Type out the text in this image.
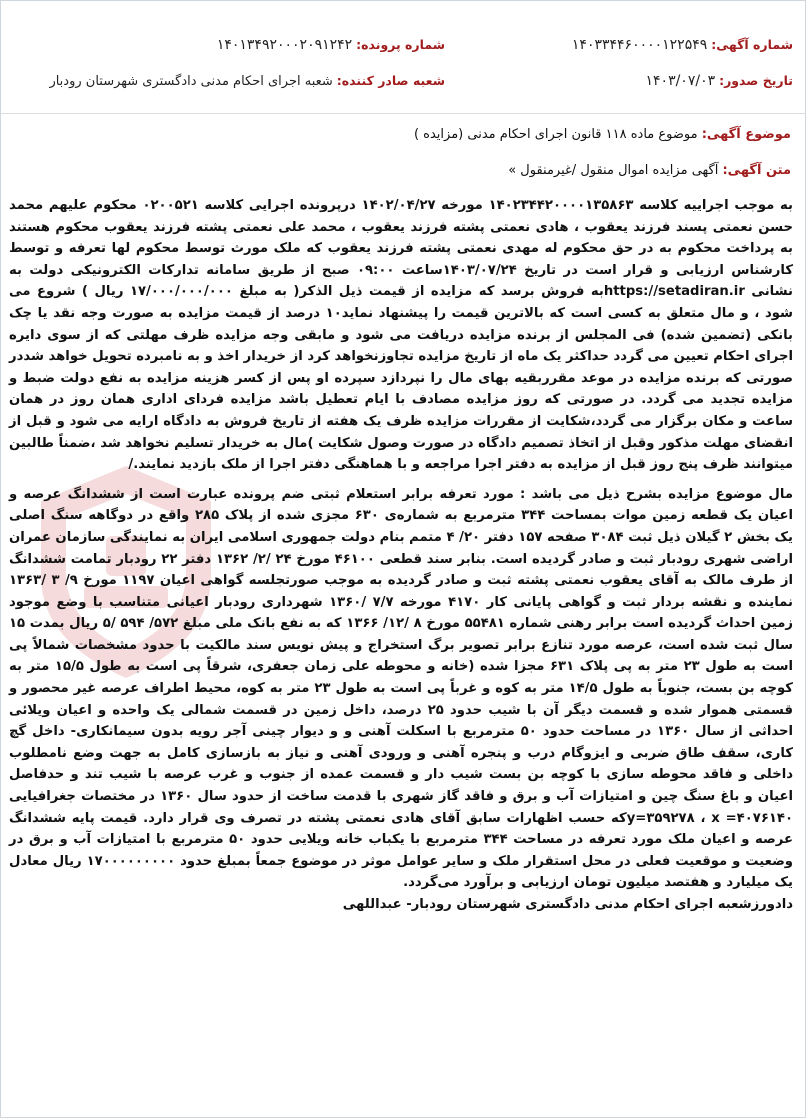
شماره آگهی: ۱۴۰۳۳۴۴۶۰۰۰۰۱۲۲۵۴۹
شماره پرونده: ۱۴۰۱۳۴۹۲۰۰۰۲۰۹۱۲۴۲
تاریخ صدور: ۱۴۰۳/۰۷/۰۳
شعبه صادر کننده: شعبه اجرای احکام مدنی دادگستری شهرستان رودبار
موضوع آگهی: موضوع ماده ۱۱۸ قانون اجرای احکام مدنی (مزایده )
متن آگهی: آگهی مزایده اموال منقول /غیرمنقول »

به موجب اجراییه کلاسه ۱۴۰۲۳۴۴۲۰۰۰۰۱۳۵۸۶۳ مورخه ۱۴۰۲/۰۴/۲۷ درپرونده اجرایی کلاسه ۰۲۰۰۵۲۱ محکوم علیهم محمد حسن نعمتی پسند فرزند یعقوب ، هادی نعمتی پشته فرزند یعقوب ، محمد علی نعمتی پشته فرزند یعقوب محکوم هستند به پرداخت محکوم به در حق محکوم له مهدی نعمتی پشته فرزند یعقوب که ملک مورث توسط محکوم لها تعرفه و توسط کارشناس ارزیابی و قرار است در تاریخ ۱۴۰۳/۰۷/۲۴ساعت ۰۹:۰۰ صبح از طریق سامانه تدارکات الکترونیکی دولت به نشانی https://setadiran.irبه فروش برسد که مزایده از قیمت ذیل الذکر( به مبلغ ۱۷/۰۰۰/۰۰۰/۰۰۰ ریال ) شروع می شود ، و مال متعلق به کسی است که بالاترین قیمت را پیشنهاد نماید۱۰ درصد از قیمت مزایده به صورت وجه نقد یا چک بانکی (تضمین شده) فی المجلس از برنده مزایده دریافت می شود و مابقی وجه مزایده ظرف مهلتی که از سوی دایره اجرای احکام تعیین می گردد حداکثر یک ماه از تاریخ مزایده تجاوزنخواهد کرد از خریدار اخذ و به نامبرده تحویل خواهد شددر صورتی که برنده مزایده در موعد مقرربقیه بهای مال را نپردازد سپرده او پس از کسر هزینه مزایده به نفع دولت ضبط و مزایده تجدید می گردد. در صورتی که روز مزایده مصادف با ایام تعطیل باشد مزایده فردای اداری همان روز در همان ساعت و مکان برگزار می گردد،شکایت از مقررات مزایده ظرف یک هفته از تاریخ فروش به دادگاه ارایه می شود و قبل از انقضای مهلت مذکور وقبل از اتخاذ تصمیم دادگاه در صورت وصول شکایت )مال به خریدار تسلیم نخواهد شد ،ضمناً طالبین میتوانند ظرف پنج روز قبل از مزایده به دفتر اجرا مراجعه و با هماهنگی دفتر اجرا از ملک بازدید نمایند./

مال موضوع مزایده بشرح ذیل می باشد : مورد تعرفه برابر استعلام ثبتی ضم پرونده عبارت است از ششدانگ عرصه و اعیان یک قطعه زمین موات بمساحت ۳۴۴ مترمربع به شماره‌ی ۶۳۰ مجزی شده از پلاک ۲۸۵ واقع در دوگاهه سنگ اصلی یک بخش ۲ گیلان ذیل ثبت ۳۰۸۴ صفحه ۱۵۷ دفتر ۲۰/ ۴ متمم بنام دولت جمهوری اسلامی ایران به نمایندگی سازمان عمران اراضی شهری رودبار ثبت و صادر گردیده است. بنابر سند قطعی ۴۶۱۰۰ مورخ ۲۴ /۲/ ۱۳۶۲ دفتر ۲۲ رودبار تمامت ششدانگ از طرف مالک به آقای یعقوب نعمتی پشته ثبت و صادر گردیده به موجب صورتجلسه گواهی اعیان ۱۱۹۷ مورخ ۹/ ۳ /۱۳۶۳ نماینده و نقشه بردار ثبت و گواهی پایانی کار ۴۱۷۰ مورخه ۷/۷ /۱۳۶۰ شهرداری رودبار اعیانی متناسب با وضع موجود زمین احداث گردیده است برابر رهنی شماره ۵۵۴۸۱ مورخ ۸ /۱۲/ ۱۳۶۶ که به نفع بانک ملی مبلغ ۵۷۲/ ۵۹۴ /۵ ریال بمدت ۱۵ سال ثبت شده است، عرصه مورد تنازع برابر تصویر برگ استخراج و پیش نویس سند مالکیت با حدود مشخصات شمالاً پی است به طول ۲۳ متر به پی پلاک ۶۳۱ مجزا شده (خانه و محوطه علی زمان جعفری، شرقاً پی است به طول ۱۵/۵ متر به کوچه بن بست، جنوباً به طول ۱۴/۵ متر به کوه و غرباً پی است به طول ۲۳ متر به کوه، محیط اطراف عرصه غیر محصور و قسمتی هموار شده و قسمت دیگر آن با شیب حدود ۲۵ درصد، داخل زمین در قسمت شمالی یک واحده و اعیان ویلائی احداثی از سال ۱۳۶۰ در مساحت حدود ۵۰ مترمربع با اسکلت آهنی و و دیوار چینی آجر رویه بدون سیمانکاری- داخل گچ کاری، سقف طاق ضربی و ایزوگام درب و پنجره آهنی و ورودی آهنی و نیاز به بازسازی کامل به جهت وضع نامطلوب داخلی و فاقد محوطه سازی با کوچه بن بست شیب دار و قسمت عمده از جنوب و غرب عرصه با شیب تند و حدفاصل اعیان و باغ سنگ چین و امتیازات آب و برق و فاقد گاز شهری با قدمت ساخت از حدود سال ۱۳۶۰ در مختصات جغرافیایی ۴۰۷۶۱۴۰= y=۳۵۹۲۷۸ ، xکه حسب اظهارات سابق آقای هادی نعمتی پشته در تصرف وی قرار دارد. قیمت پایه ششدانگ عرصه و اعیان ملک مورد تعرفه در مساحت ۳۴۴ مترمربع با یکباب خانه ویلایی حدود ۵۰ مترمربع با امتیازات آب و برق در وضعیت و موقعیت فعلی در محل استقرار ملک و سایر عوامل موثر در موضوع جمعاً بمبلغ حدود ۱۷۰۰۰۰۰۰۰۰۰ ریال معادل یک میلیارد و هفتصد میلیون تومان ارزیابی و برآورد می‌گردد.
دادورزشعبه اجرای احکام مدنی دادگستری شهرستان رودبار- عبداللهی
